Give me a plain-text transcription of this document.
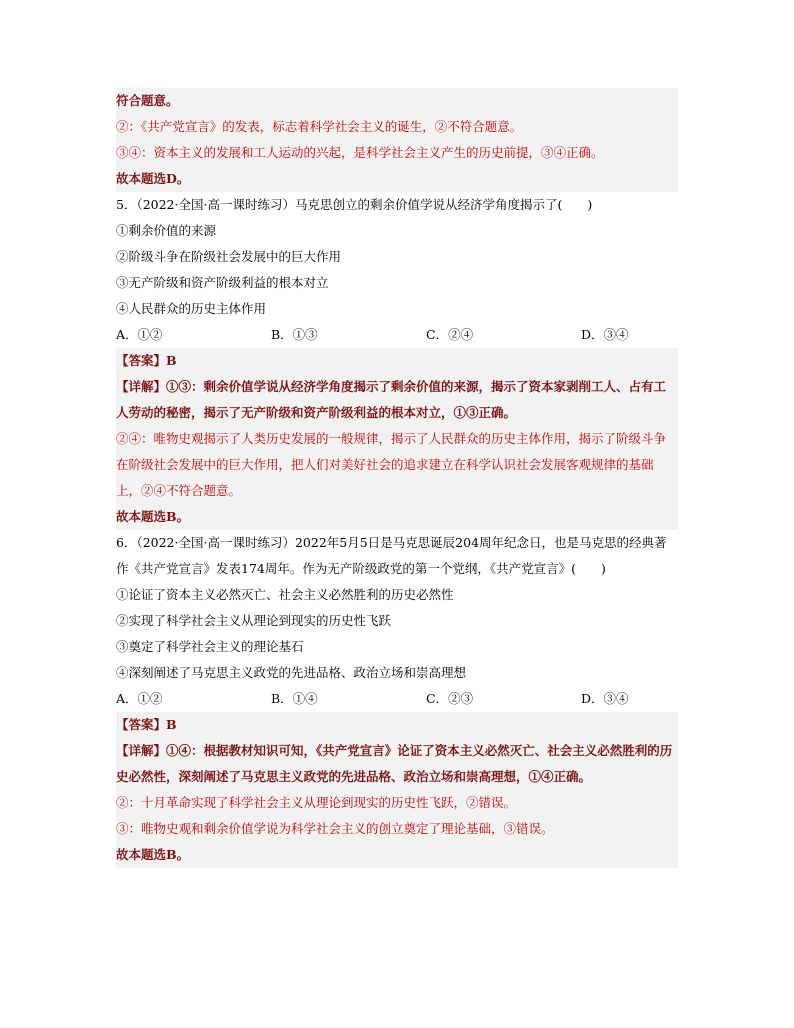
符合题意。
②：《共产党宣言》的发表，标志着科学社会主义的诞生，②不符合题意。
③④：资本主义的发展和工人运动的兴起，是科学社会主义产生的历史前提，③④正确。
故本题选D。
5．（2022·全国·高一课时练习）马克思创立的剩余价值学说从经济学角度揭示了(　　)
①剩余价值的来源
②阶级斗争在阶级社会发展中的巨大作用
③无产阶级和资产阶级利益的根本对立
④人民群众的历史主体作用
A．①②	B．①③	C．②④	D．③④
【答案】B
【详解】①③：剩余价值学说从经济学角度揭示了剩余价值的来源，揭示了资本家剥削工人、占有工人劳动的秘密，揭示了无产阶级和资产阶级利益的根本对立，①③正确。
②④：唯物史观揭示了人类历史发展的一般规律，揭示了人民群众的历史主体作用，揭示了阶级斗争在阶级社会发展中的巨大作用，把人们对美好社会的追求建立在科学认识社会发展客观规律的基础上，②④不符合题意。
故本题选B。
6．（2022·全国·高一课时练习）2022年5月5日是马克思诞辰204周年纪念日，也是马克思的经典著作《共产党宣言》发表174周年。作为无产阶级政党的第一个党纲，《共产党宣言》(　　)
①论证了资本主义必然灭亡、社会主义必然胜利的历史必然性
②实现了科学社会主义从理论到现实的历史性飞跃
③奠定了科学社会主义的理论基石
④深刻阐述了马克思主义政党的先进品格、政治立场和崇高理想
A．①②	B．①④	C．②③	D．③④
【答案】B
【详解】①④：根据教材知识可知，《共产党宣言》论证了资本主义必然灭亡、社会主义必然胜利的历史必然性，深刻阐述了马克思主义政党的先进品格、政治立场和崇高理想，①④正确。
②：十月革命实现了科学社会主义从理论到现实的历史性飞跃，②错误。
③：唯物史观和剩余价值学说为科学社会主义的创立奠定了理论基础，③错误。
故本题选B。
